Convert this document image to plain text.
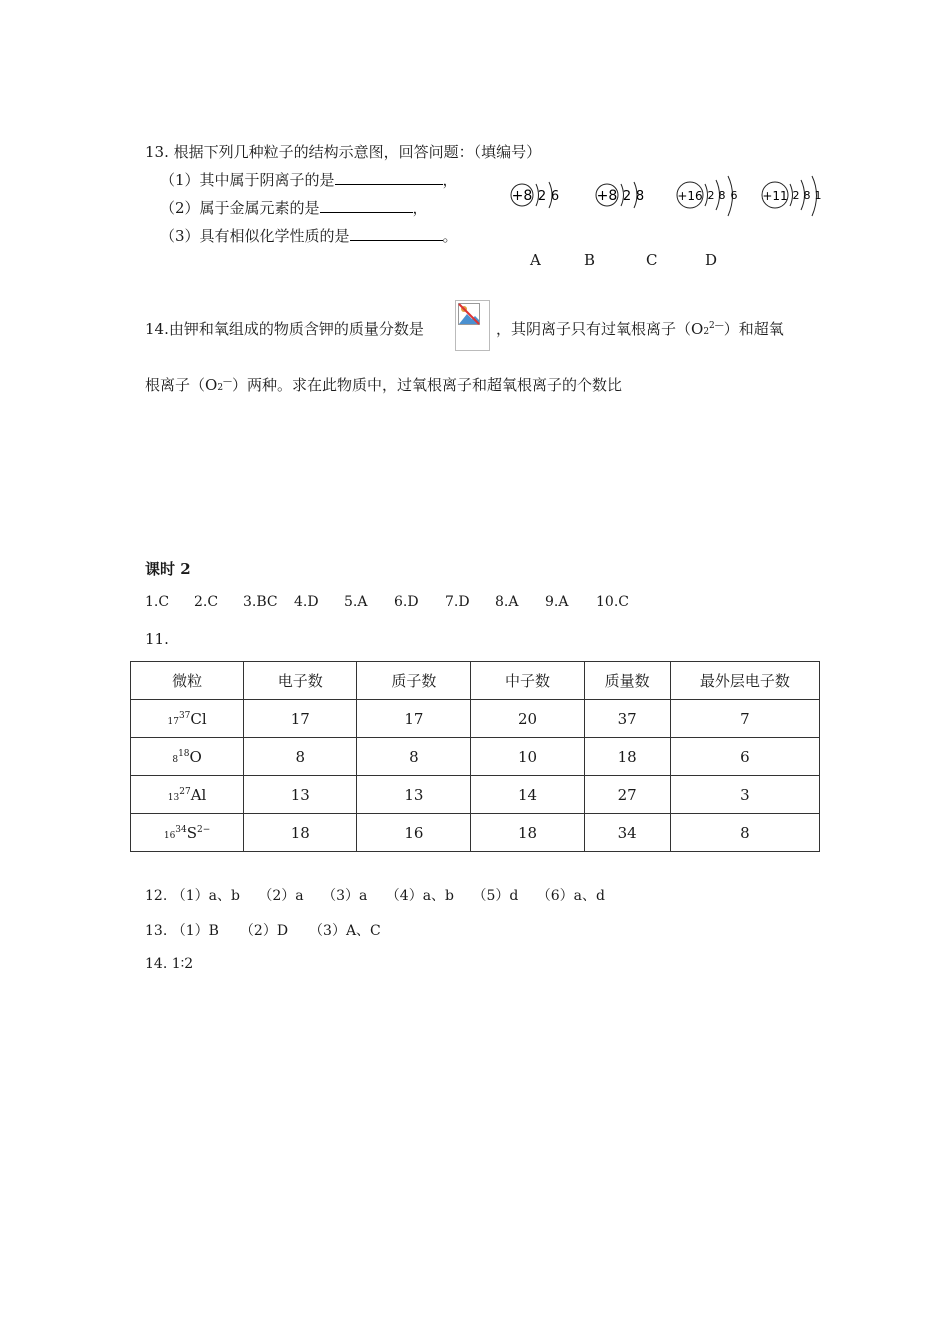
13. 根据下列几种粒子的结构示意图，回答问题：（填编号）
（1）其中属于阴离子的是	，
（2）属于金属元素的是	，
（3）具有相似化学性质的是	。
+8 2 6	+8 2 8	+16 2 8 6 +11 2 8 1
A	B	C	D
14.由钾和氧组成的物质含钾的质量分数是	，其阴离子只有过氧根离子$(O2^{2—})$和超氧
根离子（O2—）两种。求在此物质中，过氧根离子和超氧根离子的个数比
课时 2
1.C 2.C 3.BC 4.D 5.A 6.D 7.D 8.A 9.A 10.C
11.
微粒	电子数	质子数	中子数	质量数	最外层电子数
$17^{37}Cl$	17	17	20	37	7
$8^{18}O$	8	8	10	18	6
$13^{27}Al$	13	13	14	27	3
$16^{34}S^{2-}$	18	16	18	34	8
12. （1）a、b　 （2）a　 （3）a　 （4）a、b　 （5）d　 （6）a、d
13. （1）B　　（2）D　　（3）A、C
14. 1∶2
